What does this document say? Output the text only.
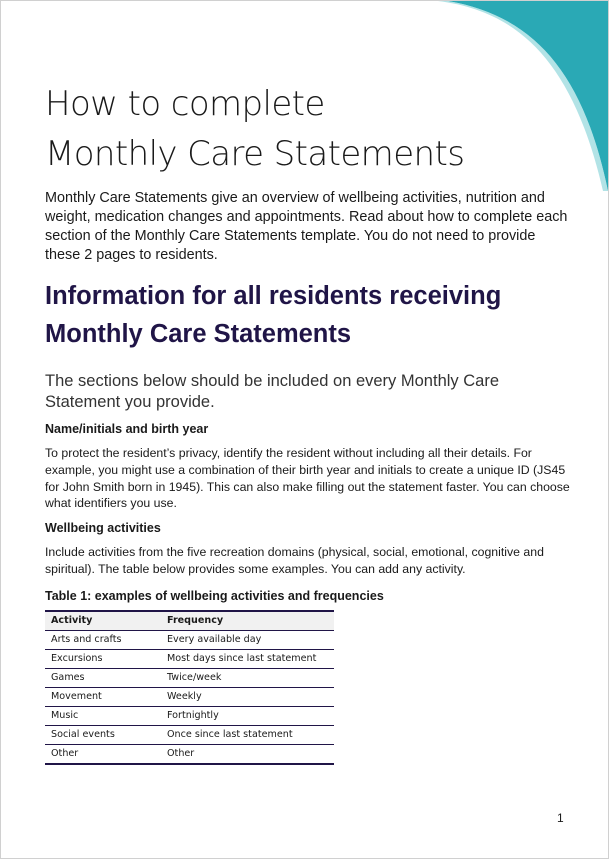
How to complete
Monthly Care Statements

Monthly Care Statements give an overview of wellbeing activities, nutrition and weight, medication changes and appointments. Read about how to complete each section of the Monthly Care Statements template. You do not need to provide these 2 pages to residents.

Information for all residents receiving
Monthly Care Statements

The sections below should be included on every Monthly Care Statement you provide.

Name/initials and birth year

To protect the resident’s privacy, identify the resident without including all their details. For example, you might use a combination of their birth year and initials to create a unique ID (JS45 for John Smith born in 1945). This can also make filling out the statement faster. You can choose what identifiers you use.

Wellbeing activities

Include activities from the five recreation domains (physical, social, emotional, cognitive and spiritual). The table below provides some examples. You can add any activity.

Table 1: examples of wellbeing activities and frequencies

Activity	Frequency
Arts and crafts	Every available day
Excursions	Most days since last statement
Games	Twice/week
Movement	Weekly
Music	Fortnightly
Social events	Once since last statement
Other	Other
1
